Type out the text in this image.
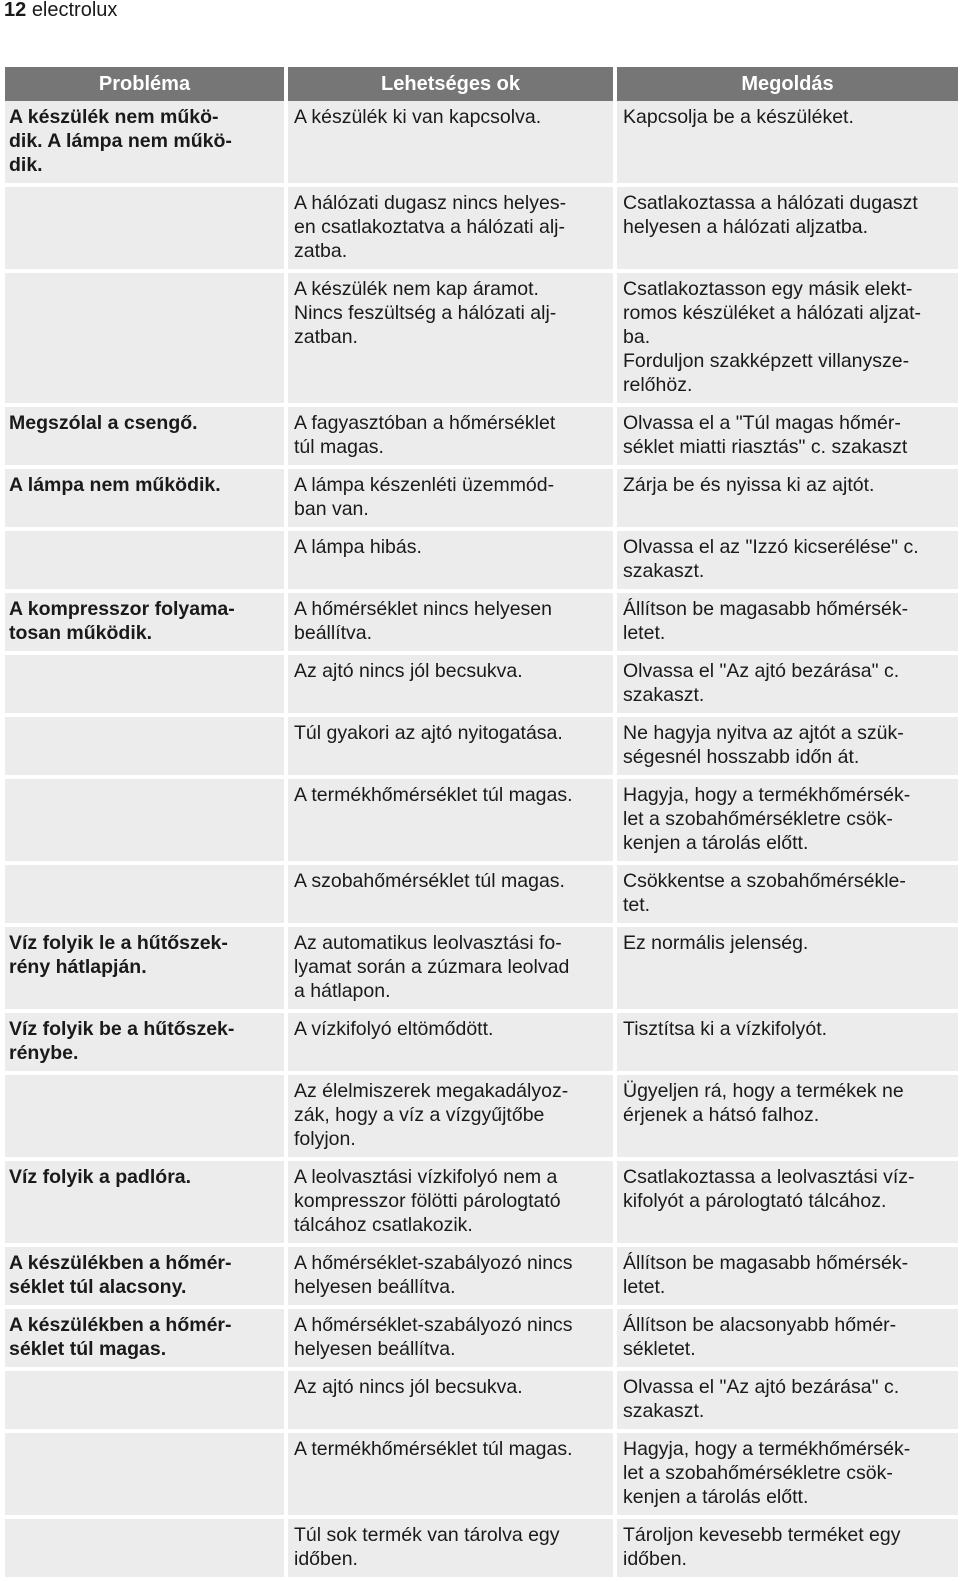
12 electrolux
Probléma	Lehetséges ok	Megoldás

A készülék nem műkö-
dik. A lámpa nem műkö-
dik.	A készülék ki van kapcsolva.	Kapcsolja be a készüléket.

	A hálózati dugasz nincs helyes-
en csatlakoztatva a hálózati alj-
zatba.	Csatlakoztassa a hálózati dugaszt
helyesen a hálózati aljzatba.

	A készülék nem kap áramot.
Nincs feszültség a hálózati alj-
zatban.	Csatlakoztasson egy másik elekt-
romos készüléket a hálózati aljzat-
ba.
Forduljon szakképzett villanysze-
relőhöz.

Megszólal a csengő.	A fagyasztóban a hőmérséklet
túl magas.	Olvassa el a "Túl magas hőmér-
séklet miatti riasztás" c. szakaszt

A lámpa nem működik.	A lámpa készenléti üzemmód-
ban van.	Zárja be és nyissa ki az ajtót.

	A lámpa hibás.	Olvassa el az "Izzó kicserélése" c.
szakaszt.

A kompresszor folyama-
tosan működik.	A hőmérséklet nincs helyesen
beállítva.	Állítson be magasabb hőmérsék-
letet.

	Az ajtó nincs jól becsukva.	Olvassa el "Az ajtó bezárása" c.
szakaszt.

	Túl gyakori az ajtó nyitogatása.	Ne hagyja nyitva az ajtót a szük-
ségesnél hosszabb időn át.

	A termékhőmérséklet túl magas.	Hagyja, hogy a termékhőmérsék-
let a szobahőmérsékletre csök-
kenjen a tárolás előtt.

	A szobahőmérséklet túl magas.	Csökkentse a szobahőmérsékle-
tet.

Víz folyik le a hűtőszek-
rény hátlapján.	Az automatikus leolvasztási fo-
lyamat során a zúzmara leolvad
a hátlapon.	Ez normális jelenség.

Víz folyik be a hűtőszek-
rénybe.	A vízkifolyó eltömődött.	Tisztítsa ki a vízkifolyót.

	Az élelmiszerek megakadályoz-
zák, hogy a víz a vízgyűjtőbe
folyjon.	Ügyeljen rá, hogy a termékek ne
érjenek a hátsó falhoz.

Víz folyik a padlóra.	A leolvasztási vízkifolyó nem a
kompresszor fölötti párologtató
tálcához csatlakozik.	Csatlakoztassa a leolvasztási víz-
kifolyót a párologtató tálcához.

A készülékben a hőmér-
séklet túl alacsony.	A hőmérséklet-szabályozó nincs
helyesen beállítva.	Állítson be magasabb hőmérsék-
letet.

A készülékben a hőmér-
séklet túl magas.	A hőmérséklet-szabályozó nincs
helyesen beállítva.	Állítson be alacsonyabb hőmér-
sékletet.

	Az ajtó nincs jól becsukva.	Olvassa el "Az ajtó bezárása" c.
szakaszt.

	A termékhőmérséklet túl magas.	Hagyja, hogy a termékhőmérsék-
let a szobahőmérsékletre csök-
kenjen a tárolás előtt.

	Túl sok termék van tárolva egy
időben.	Tároljon kevesebb terméket egy
időben.
